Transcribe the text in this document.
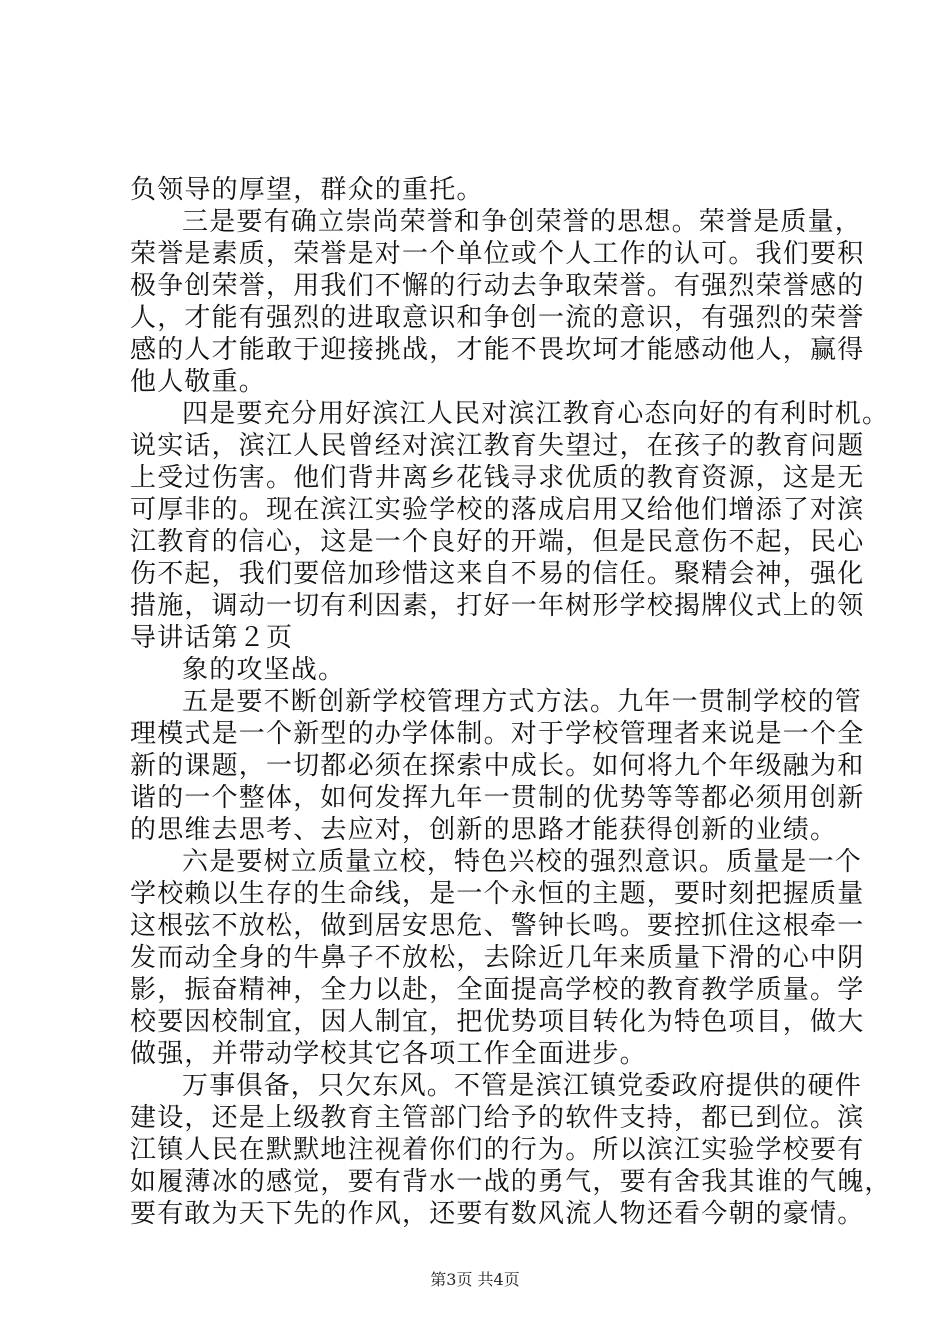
负领导的厚望，群众的重托。
三是要有确立崇尚荣誉和争创荣誉的思想。荣誉是质量，
荣誉是素质，荣誉是对一个单位或个人工作的认可。我们要积
极争创荣誉，用我们不懈的行动去争取荣誉。有强烈荣誉感的
人，才能有强烈的进取意识和争创一流的意识，有强烈的荣誉
感的人才能敢于迎接挑战，才能不畏坎坷才能感动他人，赢得
他人敬重。
四是要充分用好滨江人民对滨江教育心态向好的有利时机。
说实话，滨江人民曾经对滨江教育失望过，在孩子的教育问题
上受过伤害。他们背井离乡花钱寻求优质的教育资源，这是无
可厚非的。现在滨江实验学校的落成启用又给他们增添了对滨
江教育的信心，这是一个良好的开端，但是民意伤不起，民心
伤不起，我们要倍加珍惜这来自不易的信任。聚精会神，强化
措施，调动一切有利因素，打好一年树形学校揭牌仪式上的领
导讲话第２页
象的攻坚战。
五是要不断创新学校管理方式方法。九年一贯制学校的管
理模式是一个新型的办学体制。对于学校管理者来说是一个全
新的课题，一切都必须在探索中成长。如何将九个年级融为和
谐的一个整体，如何发挥九年一贯制的优势等等都必须用创新
的思维去思考、去应对，创新的思路才能获得创新的业绩。
六是要树立质量立校，特色兴校的强烈意识。质量是一个
学校赖以生存的生命线，是一个永恒的主题，要时刻把握质量
这根弦不放松，做到居安思危、警钟长鸣。要控抓住这根牵一
发而动全身的牛鼻子不放松，去除近几年来质量下滑的心中阴
影，振奋精神，全力以赴，全面提高学校的教育教学质量。学
校要因校制宜，因人制宜，把优势项目转化为特色项目，做大
做强，并带动学校其它各项工作全面进步。
万事俱备，只欠东风。不管是滨江镇党委政府提供的硬件
建设，还是上级教育主管部门给予的软件支持，都已到位。滨
江镇人民在默默地注视着你们的行为。所以滨江实验学校要有
如履薄冰的感觉，要有背水一战的勇气，要有舍我其谁的气魄，
要有敢为天下先的作风，还要有数风流人物还看今朝的豪情。
第3页 共4页
